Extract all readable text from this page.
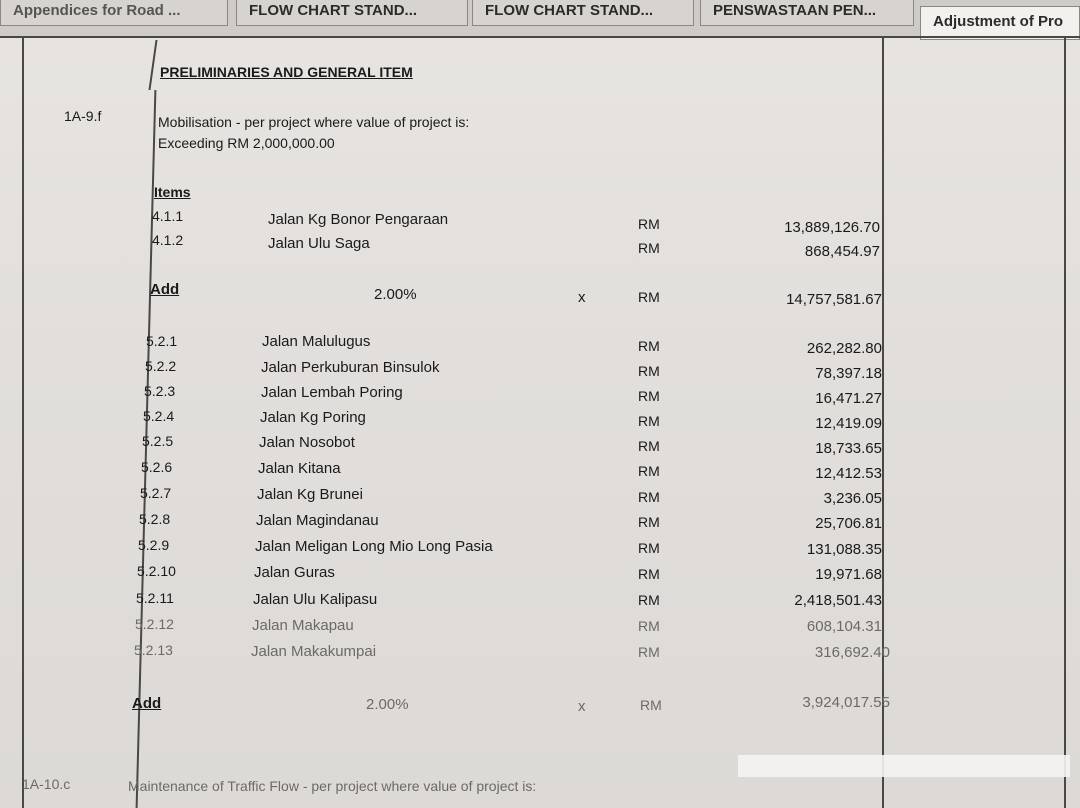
Appendices for Road ...	FLOW CHART STAND...	FLOW CHART STAND...	PENSWASTAAN PEN...
Adjustment of Pro
PRELIMINARIES AND GENERAL ITEM
1A-9.f	Mobilisation - per project where value of project is:
Exceeding RM 2,000,000.00
Items
4.1.1	Jalan Kg Bonor Pengaraan	RM	13,889,126.70
4.1.2	Jalan Ulu Saga	RM	868,454.97
Add	2.00%	x	RM	14,757,581.67
5.2.1	Jalan Malulugus	RM	262,282.80
5.2.2	Jalan Perkuburan Binsulok	RM	78,397.18
5.2.3	Jalan Lembah Poring	RM	16,471.27
5.2.4	Jalan Kg Poring	RM	12,419.09
5.2.5	Jalan Nosobot	RM	18,733.65
5.2.6	Jalan Kitana	RM	12,412.53
5.2.7	Jalan Kg Brunei	RM	3,236.05
5.2.8	Jalan Magindanau	RM	25,706.81
5.2.9	Jalan Meligan Long Mio Long Pasia	RM	131,088.35
5.2.10	Jalan Guras	RM	19,971.68
5.2.11	Jalan Ulu Kalipasu	RM	2,418,501.43
5.2.12	Jalan Makapau	RM	608,104.31
5.2.13	Jalan Makakumpai	RM	316,692.40
Add	2.00%	x	RM	3,924,017.55
1A-10.c	Maintenance of Traffic Flow - per project where value of project is:
